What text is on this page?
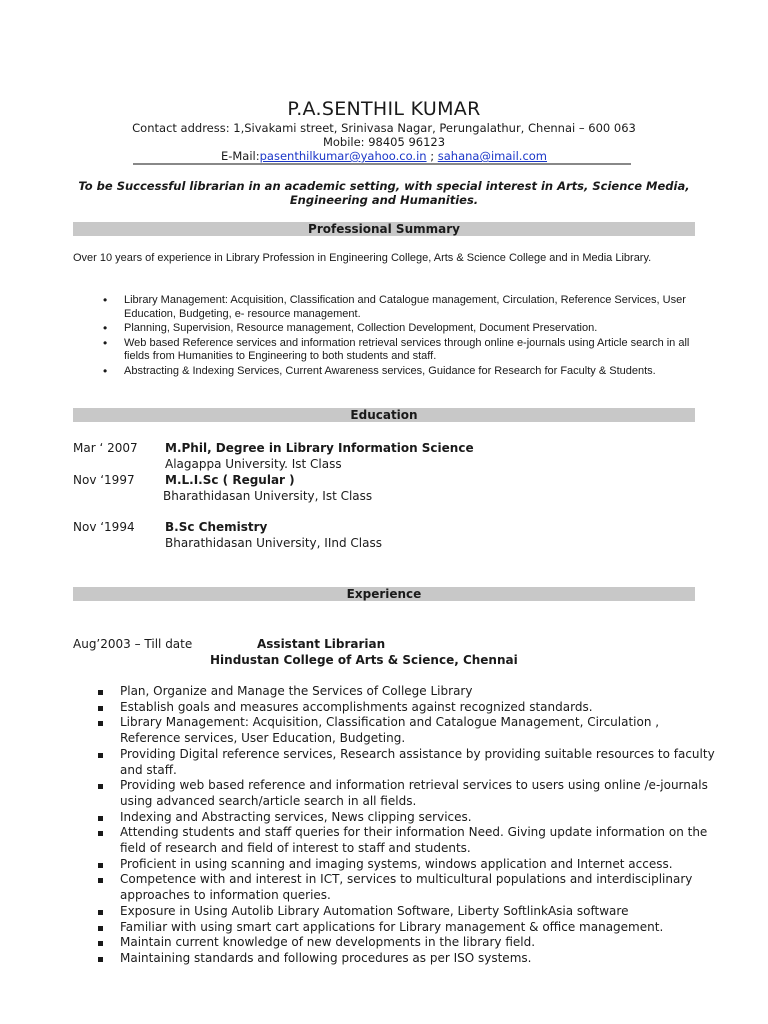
P.A.SENTHIL KUMAR
Contact address: 1,Sivakami street, Srinivasa Nagar, Perungalathur, Chennai – 600 063
Mobile: 98405 96123
E-Mail:pasenthilkumar@yahoo.co.in ; sahana@imail.com
To be Successful librarian in an academic setting, with special interest in Arts, Science Media, Engineering and Humanities.
Professional Summary
Over 10 years of experience in Library Profession in Engineering College, Arts & Science College and in Media Library.
• Library Management: Acquisition, Classification and Catalogue management, Circulation, Reference Services, User Education, Budgeting, e- resource management.
• Planning, Supervision, Resource management, Collection Development, Document Preservation.
• Web based Reference services and information retrieval services through online e-journals using Article search in all fields from Humanities to Engineering to both students and staff.
• Abstracting & Indexing Services, Current Awareness services, Guidance for Research for Faculty & Students.
Education
Mar ‘ 2007 M.Phil, Degree in Library Information Science
Alagappa University. Ist Class
Nov ‘1997	M.L.I.Sc ( Regular )
Bharathidasan University, Ist Class
Nov ‘1994	B.Sc Chemistry
Bharathidasan University, IInd Class
Experience
Aug’2003 – Till date	Assistant Librarian
Hindustan College of Arts & Science, Chennai
Plan, Organize and Manage the Services of College Library
Establish goals and measures accomplishments against recognized standards.
Library Management: Acquisition, Classification and Catalogue Management, Circulation , Reference services, User Education, Budgeting.
Providing Digital reference services, Research assistance by providing suitable resources to faculty and staff.
Providing web based reference and information retrieval services to users using online /e-journals using advanced search/article search in all fields.
Indexing and Abstracting services, News clipping services.
Attending students and staff queries for their information Need. Giving update information on the field of research and field of interest to staff and students.
Proficient in using scanning and imaging systems, windows application and Internet access.
Competence with and interest in ICT, services to multicultural populations and interdisciplinary approaches to information queries.
Exposure in Using Autolib Library Automation Software, Liberty SoftlinkAsia software
Familiar with using smart cart applications for Library management & office management.
Maintain current knowledge of new developments in the library field.
Maintaining standards and following procedures as per ISO systems.
